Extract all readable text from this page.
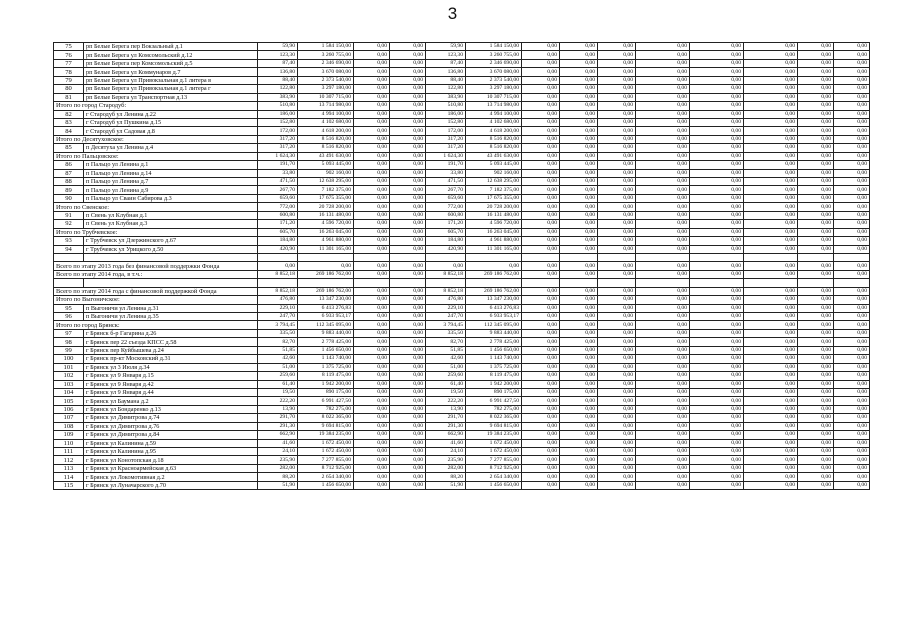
3
75	рп Белые Берега пер Вокзальный д.1	59,90	1 584 150,00	0,00	0,00	59,90	1 584 150,00	0,00	0,00	0,00	0,00	0,00	0,00	0,00	0,00
76	рп Белые Берега ул Комсомольский д.12	123,30	3 260 755,00	0,00	0,00	123,30	3 260 755,00	0,00	0,00	0,00	0,00	0,00	0,00	0,00	0,00
77	рп Белые Берега пер Комсомольский д.5	87,40	2 346 690,00	0,00	0,00	87,40	2 346 690,00	0,00	0,00	0,00	0,00	0,00	0,00	0,00	0,00
78	рп Белые Берега ул Коммунаров д.7	136,80	3 670 080,00	0,00	0,00	136,80	3 670 080,00	0,00	0,00	0,00	0,00	0,00	0,00	0,00	0,00
79	рп Белые Берега ул Привокзальная д.1 литера в	88,40	2 373 540,00	0,00	0,00	88,40	2 373 540,00	0,00	0,00	0,00	0,00	0,00	0,00	0,00	0,00
80	рп Белые Берега ул Привокзальная д.1 литера г	122,80	3 297 180,00	0,00	0,00	122,80	3 297 180,00	0,00	0,00	0,00	0,00	0,00	0,00	0,00	0,00
81	рп Белые Берега ул Транспортная д.13	383,90	10 307 715,00	0,00	0,00	383,90	10 307 715,00	0,00	0,00	0,00	0,00	0,00	0,00	0,00	0,00
Итого по город Стародуб:		510,80	13 714 980,00	0,00	0,00	510,80	13 714 980,00	0,00	0,00	0,00	0,00	0,00	0,00	0,00	0,00
82	г Стародуб ул Ленина д.22	186,00	4 994 100,00	0,00	0,00	186,00	4 994 100,00	0,00	0,00	0,00	0,00	0,00	0,00	0,00	0,00
83	г Стародуб ул Пушкина д.15	152,80	4 102 680,00	0,00	0,00	152,80	4 102 680,00	0,00	0,00	0,00	0,00	0,00	0,00	0,00	0,00
84	г Стародуб ул Садовая д.8	172,00	4 618 200,00	0,00	0,00	172,00	4 618 200,00	0,00	0,00	0,00	0,00	0,00	0,00	0,00	0,00
Итого по Десятуховское:		317,20	8 516 820,00	0,00	0,00	317,20	8 516 820,00	0,00	0,00	0,00	0,00	0,00	0,00	0,00	0,00
85	п Десятуха ул Ленина д.4	317,20	8 516 820,00	0,00	0,00	317,20	8 516 820,00	0,00	0,00	0,00	0,00	0,00	0,00	0,00	0,00
Итого по Пальцовское:		1 624,30	43 491 630,00	0,00	0,00	1 624,30	43 491 630,00	0,00	0,00	0,00	0,00	0,00	0,00	0,00	0,00
86	п Пальцо ул Ленина д.1	191,70	5 093 445,00	0,00	0,00	191,70	5 093 445,00	0,00	0,00	0,00	0,00	0,00	0,00	0,00	0,00
87	п Пальцо ул Ленина д.14	33,80	902 160,00	0,00	0,00	33,80	902 160,00	0,00	0,00	0,00	0,00	0,00	0,00	0,00	0,00
88	п Пальцо ул Ленина д.7	471,50	12 638 295,00	0,00	0,00	471,50	12 638 295,00	0,00	0,00	0,00	0,00	0,00	0,00	0,00	0,00
89	п Пальцо ул Ленина д.9	267,70	7 182 375,00	0,00	0,00	267,70	7 182 375,00	0,00	0,00	0,00	0,00	0,00	0,00	0,00	0,00
90	п Пальцо ул Сваин Сабирова д.3	659,60	17 675 355,00	0,00	0,00	659,60	17 675 355,00	0,00	0,00	0,00	0,00	0,00	0,00	0,00	0,00
Итого по Свенское:		772,00	20 728 200,00	0,00	0,00	772,00	20 728 200,00	0,00	0,00	0,00	0,00	0,00	0,00	0,00	0,00
91	п Свень ул Клубная д.1	600,80	16 131 480,00	0,00	0,00	600,80	16 131 480,00	0,00	0,00	0,00	0,00	0,00	0,00	0,00	0,00
92	п Свень ул Клубная д.3	171,20	4 596 720,00	0,00	0,00	171,20	4 596 720,00	0,00	0,00	0,00	0,00	0,00	0,00	0,00	0,00
Итого по Трубчевское:		605,70	16 263 045,00	0,00	0,00	605,70	16 263 045,00	0,00	0,00	0,00	0,00	0,00	0,00	0,00	0,00
93	г Трубчевск ул Дзержинского д.67	184,80	4 961 880,00	0,00	0,00	184,80	4 961 880,00	0,00	0,00	0,00	0,00	0,00	0,00	0,00	0,00
94	г Трубчевск ул Урицкого д.50	420,90	11 301 165,00	0,00	0,00	420,90	11 301 165,00	0,00	0,00	0,00	0,00	0,00	0,00	0,00	0,00

Всего по этапу 2013 года без финансовой поддержки Фонда		0,00	0,00	0,00	0,00	0,00	0,00	0,00	0,00	0,00	0,00	0,00	0,00	0,00	0,00
Всего по этапу 2014 года, в т.ч.:		8 852,18	269 186 762,00	0,00	0,00	8 852,18	269 186 762,00	0,00	0,00	0,00	0,00	0,00	0,00	0,00	0,00

Всего по этапу 2014 года с финансовой поддержкой Фонда		8 852,18	269 186 762,00	0,00	0,00	8 852,18	269 186 762,00	0,00	0,00	0,00	0,00	0,00	0,00	0,00	0,00
Итого по Выгоничское:		476,80	13 347 230,00	0,00	0,00	476,80	13 347 230,00	0,00	0,00	0,00	0,00	0,00	0,00	0,00	0,00
95	п Выгоничи ул Ленина д.31	229,10	6 413 276,83	0,00	0,00	229,10	6 413 276,83	0,00	0,00	0,00	0,00	0,00	0,00	0,00	0,00
96	п Выгоничи ул Ленина д.35	247,70	6 933 953,17	0,00	0,00	247,70	6 933 953,17	0,00	0,00	0,00	0,00	0,00	0,00	0,00	0,00
Итого по город Брянск:		3 794,45	112 345 095,00	0,00	0,00	3 794,45	112 345 095,00	0,00	0,00	0,00	0,00	0,00	0,00	0,00	0,00
97	г Брянск б-р Гагарина д.26	335,50	9 883 440,00	0,00	0,00	335,50	9 883 440,00	0,00	0,00	0,00	0,00	0,00	0,00	0,00	0,00
98	г Брянск пер 22 съезда КПСС д.58	82,70	2 778 425,00	0,00	0,00	82,70	2 778 425,00	0,00	0,00	0,00	0,00	0,00	0,00	0,00	0,00
99	г Брянск пер Куйбышева д.24	51,85	1 456 650,00	0,00	0,00	51,85	1 456 650,00	0,00	0,00	0,00	0,00	0,00	0,00	0,00	0,00
100	г Брянск пр-кт Московский д.31	42,60	1 143 740,00	0,00	0,00	42,60	1 143 740,00	0,00	0,00	0,00	0,00	0,00	0,00	0,00	0,00
101	г Брянск ул 3 Июля д.34	51,00	1 375 725,00	0,00	0,00	51,00	1 375 725,00	0,00	0,00	0,00	0,00	0,00	0,00	0,00	0,00
102	г Брянск ул 9 Января д.15	259,60	8 119 475,00	0,00	0,00	259,60	8 119 475,00	0,00	0,00	0,00	0,00	0,00	0,00	0,00	0,00
103	г Брянск ул 9 Января д.42	61,40	1 942 200,00	0,00	0,00	61,40	1 942 200,00	0,00	0,00	0,00	0,00	0,00	0,00	0,00	0,00
104	г Брянск ул 9 Января д.44	19,50	890 175,00	0,00	0,00	19,50	890 175,00	0,00	0,00	0,00	0,00	0,00	0,00	0,00	0,00
105	г Брянск ул Баумана д.2	222,20	6 991 427,50	0,00	0,00	222,20	6 991 427,50	0,00	0,00	0,00	0,00	0,00	0,00	0,00	0,00
106	г Брянск ул Бондаренко д.13	13,90	782 275,00	0,00	0,00	13,90	782 275,00	0,00	0,00	0,00	0,00	0,00	0,00	0,00	0,00
107	г Брянск ул Димитрова д.74	291,70	8 022 365,00	0,00	0,00	291,70	8 022 365,00	0,00	0,00	0,00	0,00	0,00	0,00	0,00	0,00
108	г Брянск ул Димитрова д.76	291,30	9 694 815,00	0,00	0,00	291,30	9 694 815,00	0,00	0,00	0,00	0,00	0,00	0,00	0,00	0,00
109	г Брянск ул Димитрова д.84	662,90	19 384 235,00	0,00	0,00	662,90	19 384 235,00	0,00	0,00	0,00	0,00	0,00	0,00	0,00	0,00
110	г Брянск ул Калинина д.59	41,60	1 672 450,00	0,00	0,00	41,60	1 672 450,00	0,00	0,00	0,00	0,00	0,00	0,00	0,00	0,00
111	г Брянск ул Калинина д.95	24,10	1 672 450,00	0,00	0,00	24,10	1 672 450,00	0,00	0,00	0,00	0,00	0,00	0,00	0,00	0,00
112	г Брянск ул Конотопская д.18	235,90	7 277 855,00	0,00	0,00	235,90	7 277 855,00	0,00	0,00	0,00	0,00	0,00	0,00	0,00	0,00
113	г Брянск ул Красноармейская д.63	282,00	8 712 925,00	0,00	0,00	282,00	8 712 925,00	0,00	0,00	0,00	0,00	0,00	0,00	0,00	0,00
114	г Брянск ул Локомотивная д.2	88,20	2 654 340,00	0,00	0,00	88,20	2 654 340,00	0,00	0,00	0,00	0,00	0,00	0,00	0,00	0,00
115	г Брянск ул Луначарского д.70	51,90	1 456 650,00	0,00	0,00	51,90	1 456 650,00	0,00	0,00	0,00	0,00	0,00	0,00	0,00	0,00
